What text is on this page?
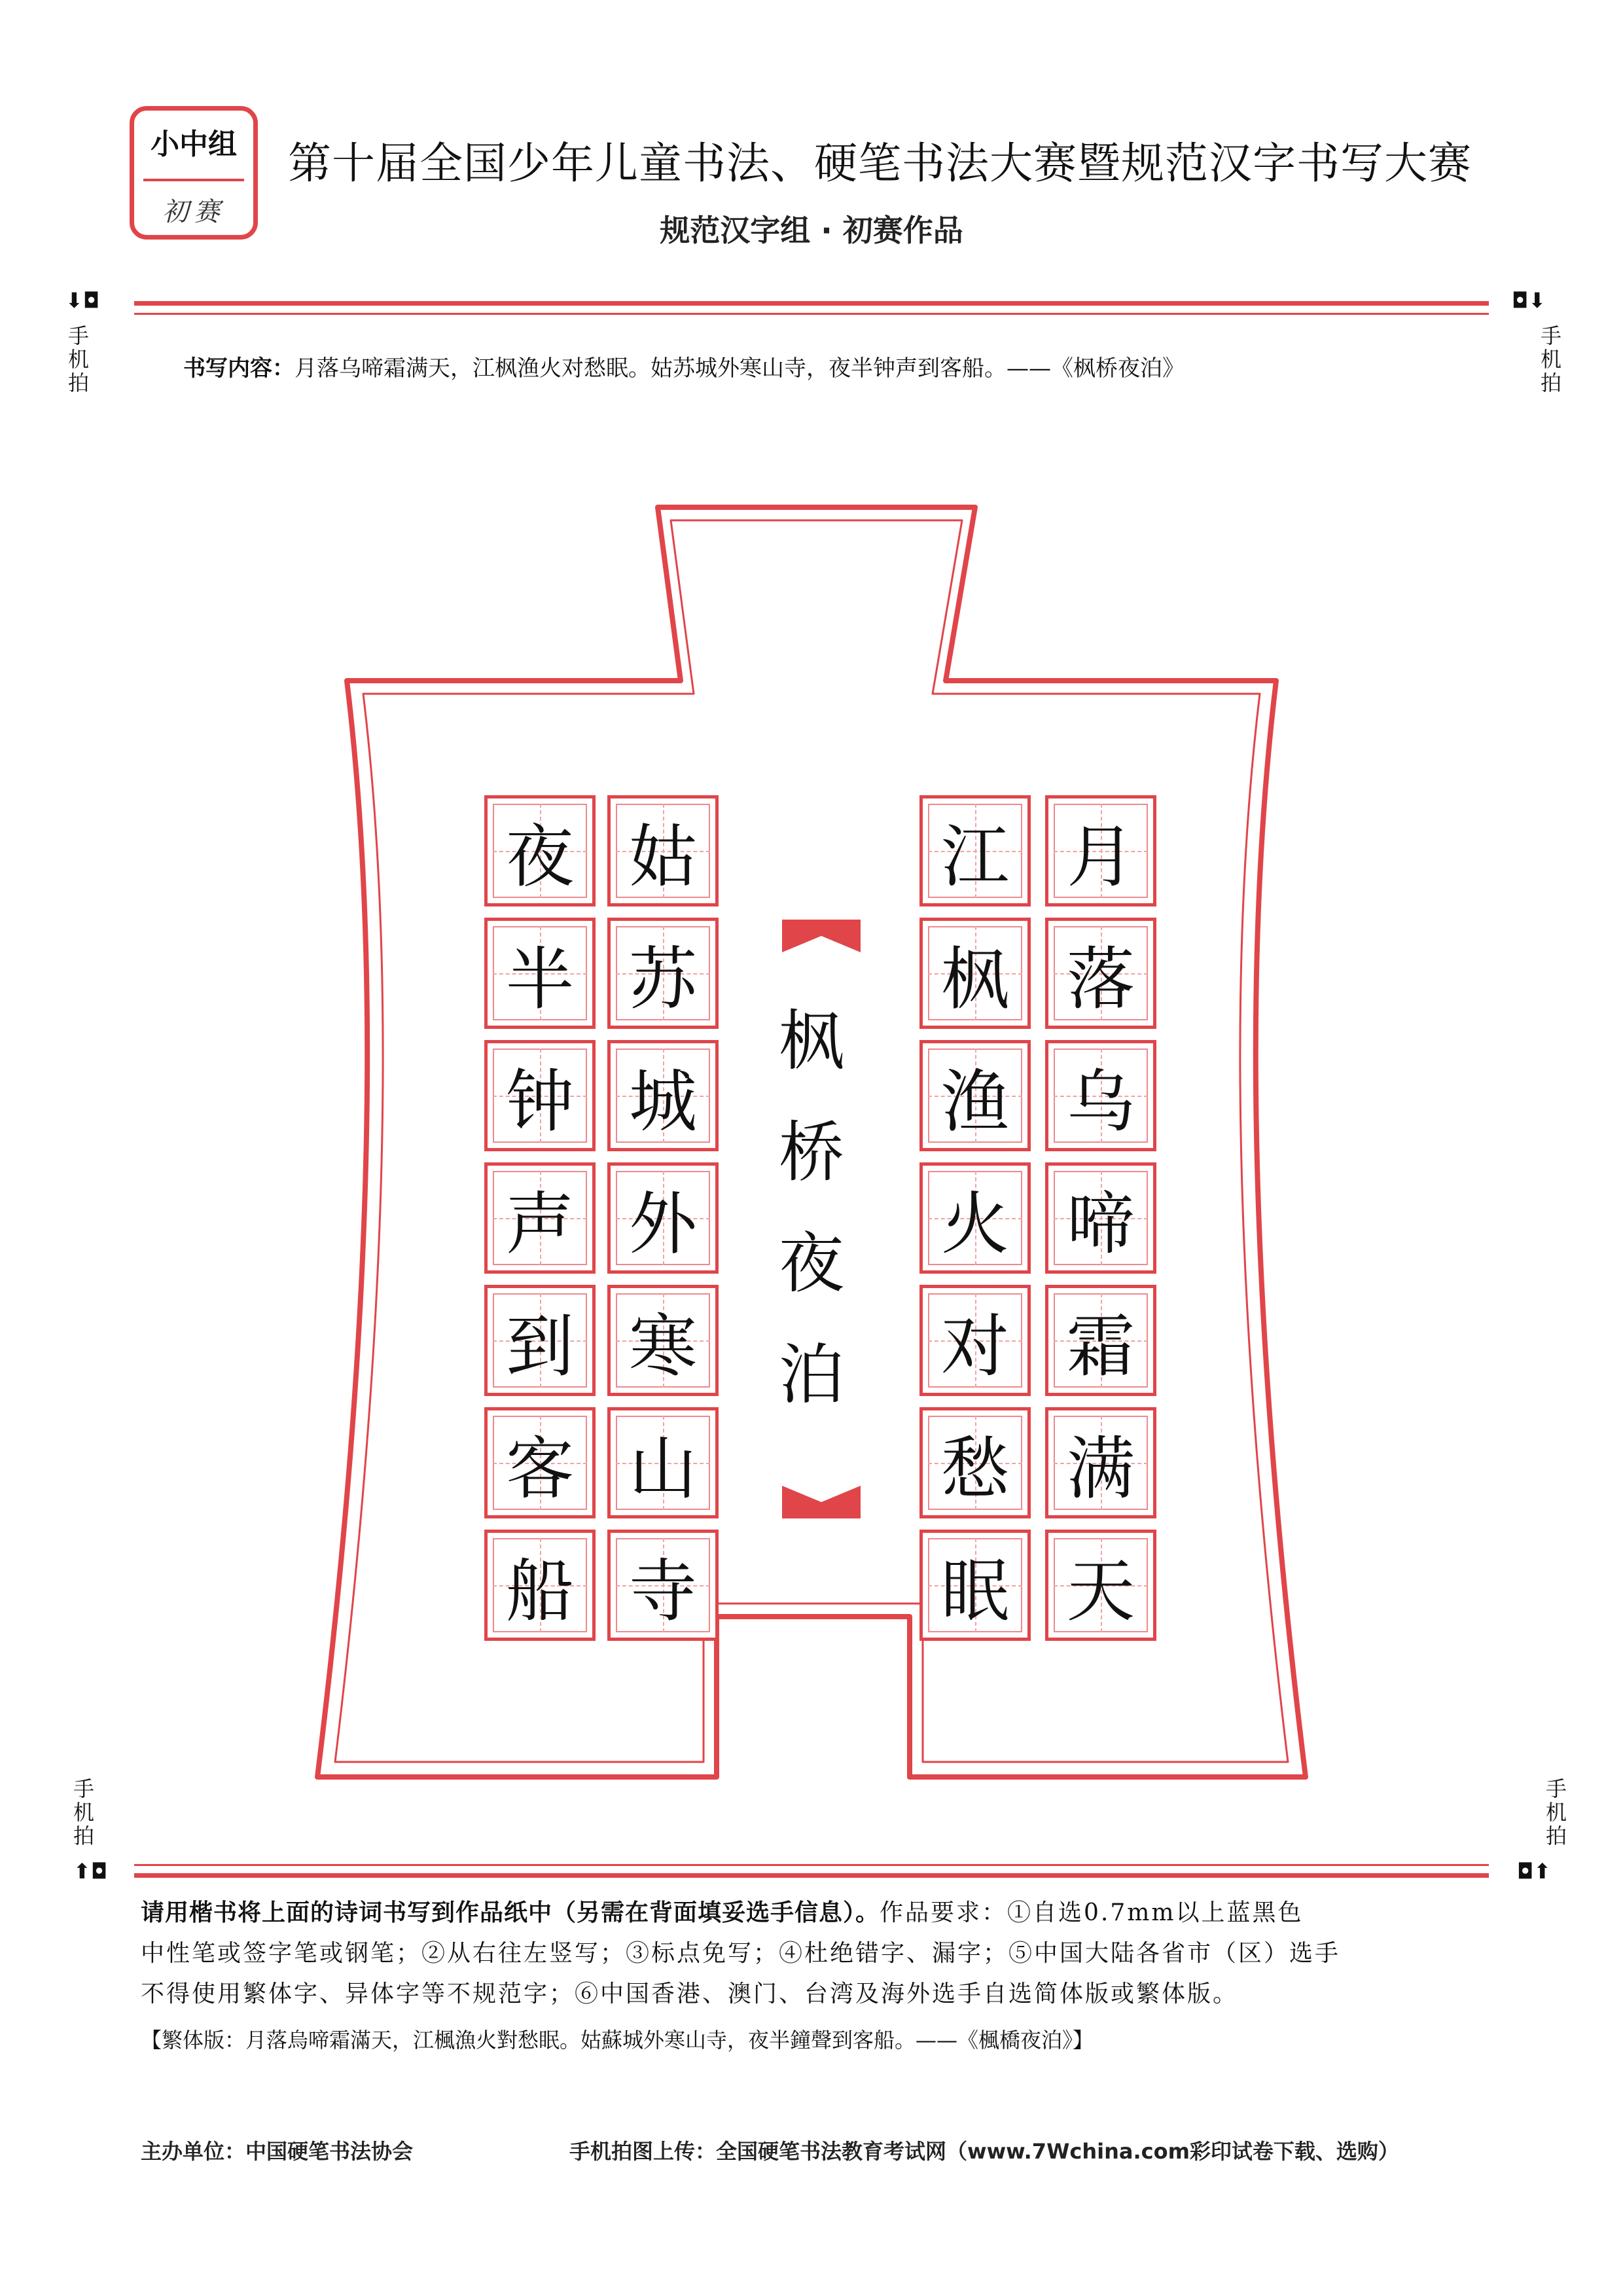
小中组
初赛
第十届全国少年儿童书法、硬笔书法大赛暨规范汉字书写大赛
规范汉字组 · 初赛作品
⬇◘
手
机
拍
◘⬇
手
机
拍
书写内容：月落乌啼霜满天，江枫渔火对愁眠。姑苏城外寒山寺，夜半钟声到客船。——《枫桥夜泊》
月
落
乌
啼
霜
满
天
江
枫
渔
火
对
愁
眠
枫
桥
夜
泊
姑
苏
城
外
寒
山
寺
夜
半
钟
声
到
客
船
手
机
拍
⬆◘
手
机
拍
◘⬆
请用楷书将上面的诗词书写到作品纸中（另需在背面填妥选手信息）。作品要求：①自选0.7mm以上蓝黑色
中性笔或签字笔或钢笔；②从右往左竖写；③标点免写；④杜绝错字、漏字；⑤中国大陆各省市（区）选手
不得使用繁体字、异体字等不规范字；⑥中国香港、澳门、台湾及海外选手自选简体版或繁体版。
【繁体版：月落烏啼霜滿天，江楓漁火對愁眠。姑蘇城外寒山寺，夜半鐘聲到客船。——《楓橋夜泊》】
主办单位：中国硬笔书法协会	手机拍图上传：全国硬笔书法教育考试网（www.7Wchina.com彩印试卷下载、选购）
